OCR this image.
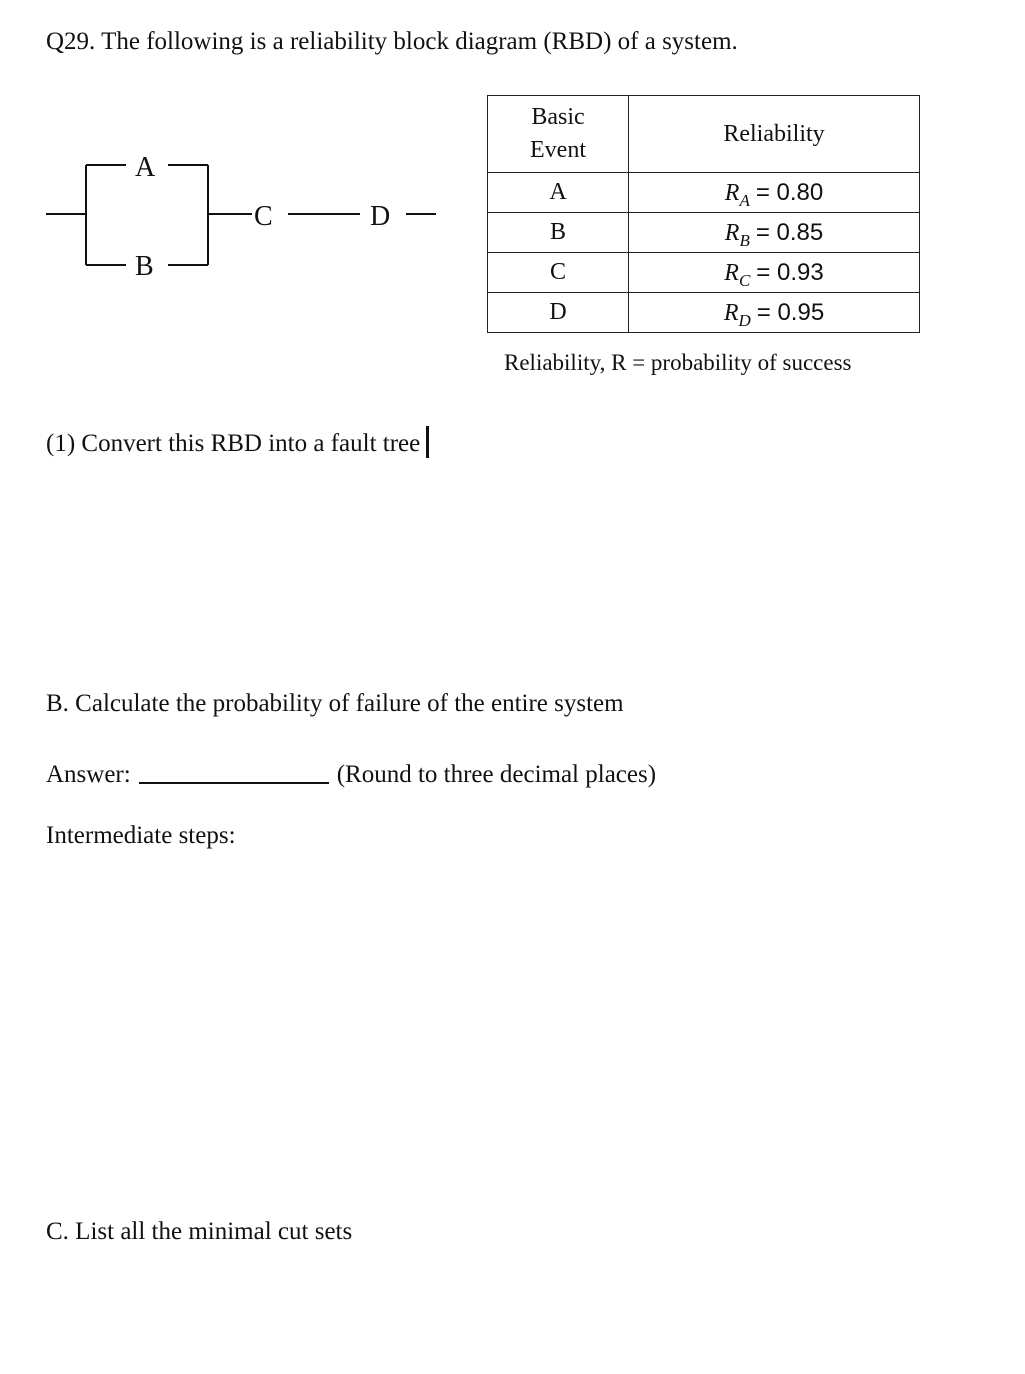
Q29. The following is a reliability block diagram (RBD) of a system.
A
B
C	D
Basic
Event	Reliability
A	$R_A = 0.80$
B	$R_B = 0.85$
C	$R_C = 0.93$
D	$R_D = 0.95$
Reliability, R = probability of success
(1) Convert this RBD into a fault tree
B. Calculate the probability of failure of the entire system
Answer:	(Round to three decimal places)
Intermediate steps:
C. List all the minimal cut sets
